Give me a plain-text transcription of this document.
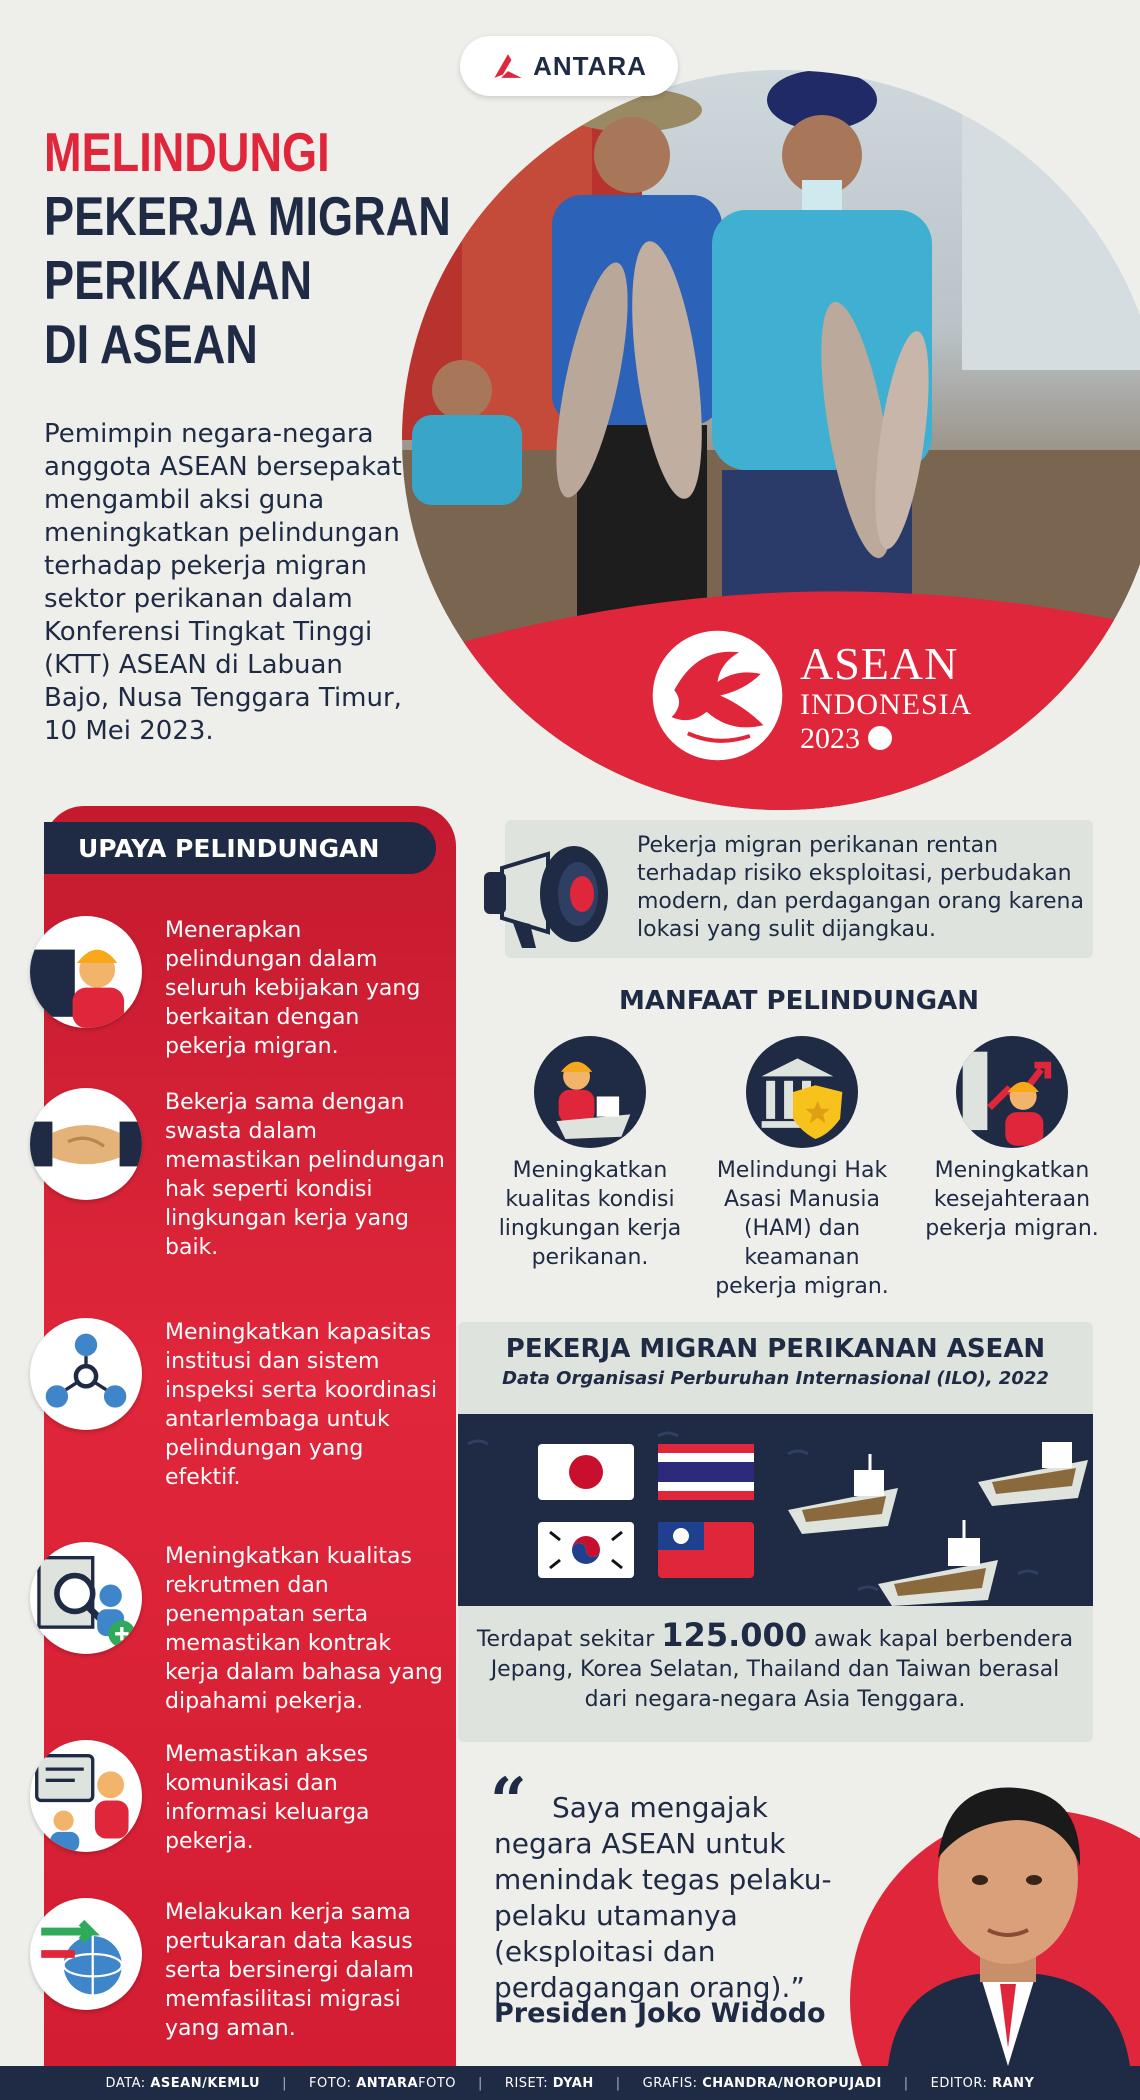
ASEAN
INDONESIA
2023
ANTARA
MELINDUNGI
PEKERJA MIGRAN
PERIKANAN
DI ASEAN

Pemimpin negara-negara anggota ASEAN bersepakat mengambil aksi guna meningkatkan pelindungan terhadap pekerja migran sektor perikanan dalam Konferensi Tingkat Tinggi (KTT) ASEAN di Labuan Bajo, Nusa Tenggara Timur, 10 Mei 2023.

UPAYA PELINDUNGAN

Menerapkan pelindungan dalam seluruh kebijakan yang berkaitan dengan pekerja migran.

Bekerja sama dengan swasta dalam memastikan pelindungan hak seperti kondisi lingkungan kerja yang baik.

Meningkatkan kapasitas institusi dan sistem inspeksi serta koordinasi antarlembaga untuk pelindungan yang efektif.

Meningkatkan kualitas rekrutmen dan penempatan serta memastikan kontrak kerja dalam bahasa yang dipahami pekerja.

Memastikan akses komunikasi dan informasi keluarga pekerja.

Melakukan kerja sama pertukaran data kasus serta bersinergi dalam memfasilitasi migrasi yang aman.

Pekerja migran perikanan rentan terhadap risiko eksploitasi, perbudakan modern, dan perdagangan orang karena lokasi yang sulit dijangkau.

MANFAAT PELINDUNGAN

Meningkatkan kualitas kondisi lingkungan kerja perikanan.

Melindungi Hak Asasi Manusia (HAM) dan keamanan pekerja migran.

Meningkatkan kesejahteraan pekerja migran.

PEKERJA MIGRAN PERIKANAN ASEAN

Data Organisasi Perburuhan Internasional (ILO), 2022

Terdapat sekitar 125.000 awak kapal berbendera Jepang, Korea Selatan, Thailand dan Taiwan berasal dari negara-negara Asia Tenggara.

“ Saya mengajak negara ASEAN untuk menindak tegas pelaku-pelaku utamanya (eksploitasi dan perdagangan orang).”

Presiden Joko Widodo

DATA: ASEAN/KEMLU | FOTO: ANTARAFOTO | RISET: DYAH | GRAFIS: CHANDRA/NOROPUJADI | EDITOR: RANY
